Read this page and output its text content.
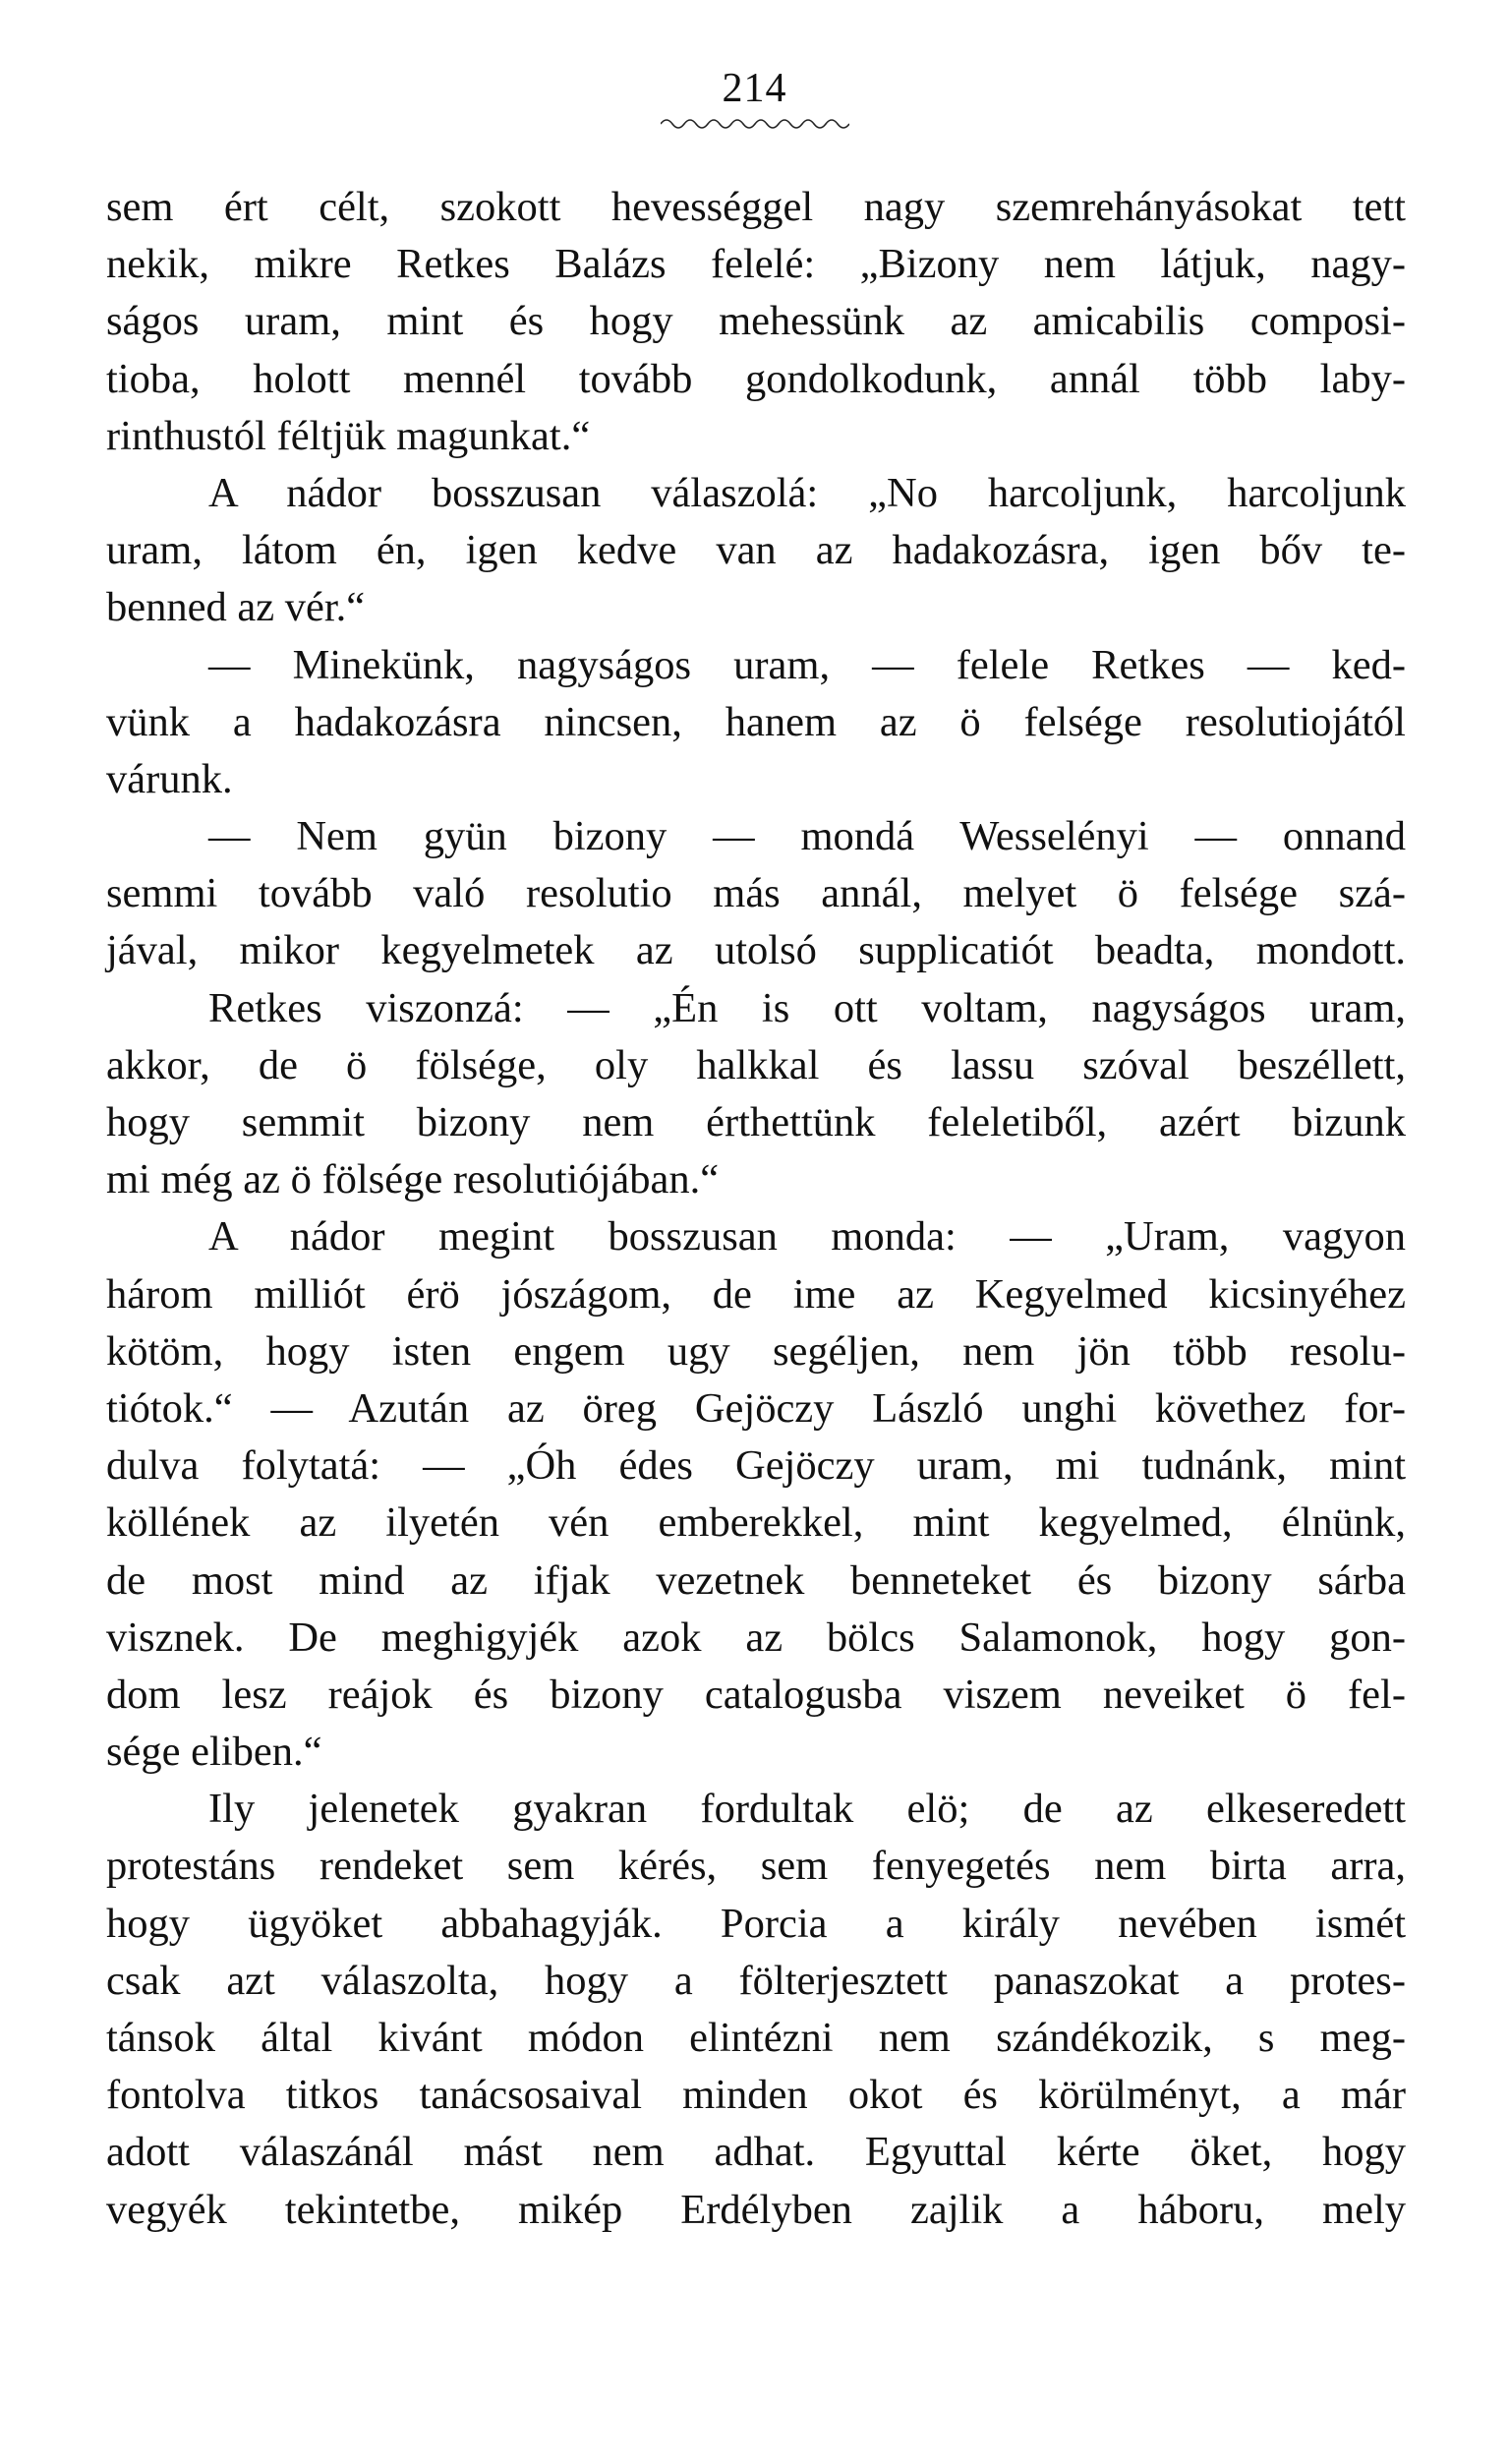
214
sem ért célt, szokott hevességgel nagy szemrehányásokat tett
nekik, mikre Retkes Balázs felelé: „Bizony nem látjuk, nagy-
ságos uram, mint és hogy mehessünk az amicabilis composi-
tioba, holott mennél tovább gondolkodunk, annál több laby-
rinthustól féltjük magunkat.“
A nádor bosszusan válaszolá: „No harcoljunk, harcoljunk
uram, látom én, igen kedve van az hadakozásra, igen bőv te-
benned az vér.“
— Minekünk, nagyságos uram, — felele Retkes — ked-
vünk a hadakozásra nincsen, hanem az ö felsége resolutiojától
várunk.
— Nem gyün bizony — mondá Wesselényi — onnand
semmi tovább való resolutio más annál, melyet ö felsége szá-
jával, mikor kegyelmetek az utolsó supplicatiót beadta, mondott.
Retkes viszonzá: — „Én is ott voltam, nagyságos uram,
akkor, de ö fölsége, oly halkkal és lassu szóval beszéllett,
hogy semmit bizony nem érthettünk feleletiből, azért bizunk
mi még az ö fölsége resolutiójában.“
A nádor megint bosszusan monda: — „Uram, vagyon
három milliót érö jószágom, de ime az Kegyelmed kicsinyéhez
kötöm, hogy isten engem ugy segéljen, nem jön több resolu-
tiótok.“ — Azután az öreg Gejöczy László unghi követhez for-
dulva folytatá: — „Óh édes Gejöczy uram, mi tudnánk, mint
köllének az ilyetén vén emberekkel, mint kegyelmed, élnünk,
de most mind az ifjak vezetnek benneteket és bizony sárba
visznek. De meghigyjék azok az bölcs Salamonok, hogy gon-
dom lesz reájok és bizony catalogusba viszem neveiket ö fel-
sége eliben.“
Ily jelenetek gyakran fordultak elö; de az elkeseredett
protestáns rendeket sem kérés, sem fenyegetés nem birta arra,
hogy ügyöket abbahagyják. Porcia a király nevében ismét
csak azt válaszolta, hogy a fölterjesztett panaszokat a protes-
tánsok által kivánt módon elintézni nem szándékozik, s meg-
fontolva titkos tanácsosaival minden okot és körülményt, a már
adott válaszánál mást nem adhat. Egyuttal kérte öket, hogy
vegyék tekintetbe, mikép Erdélyben zajlik a háboru, mely
